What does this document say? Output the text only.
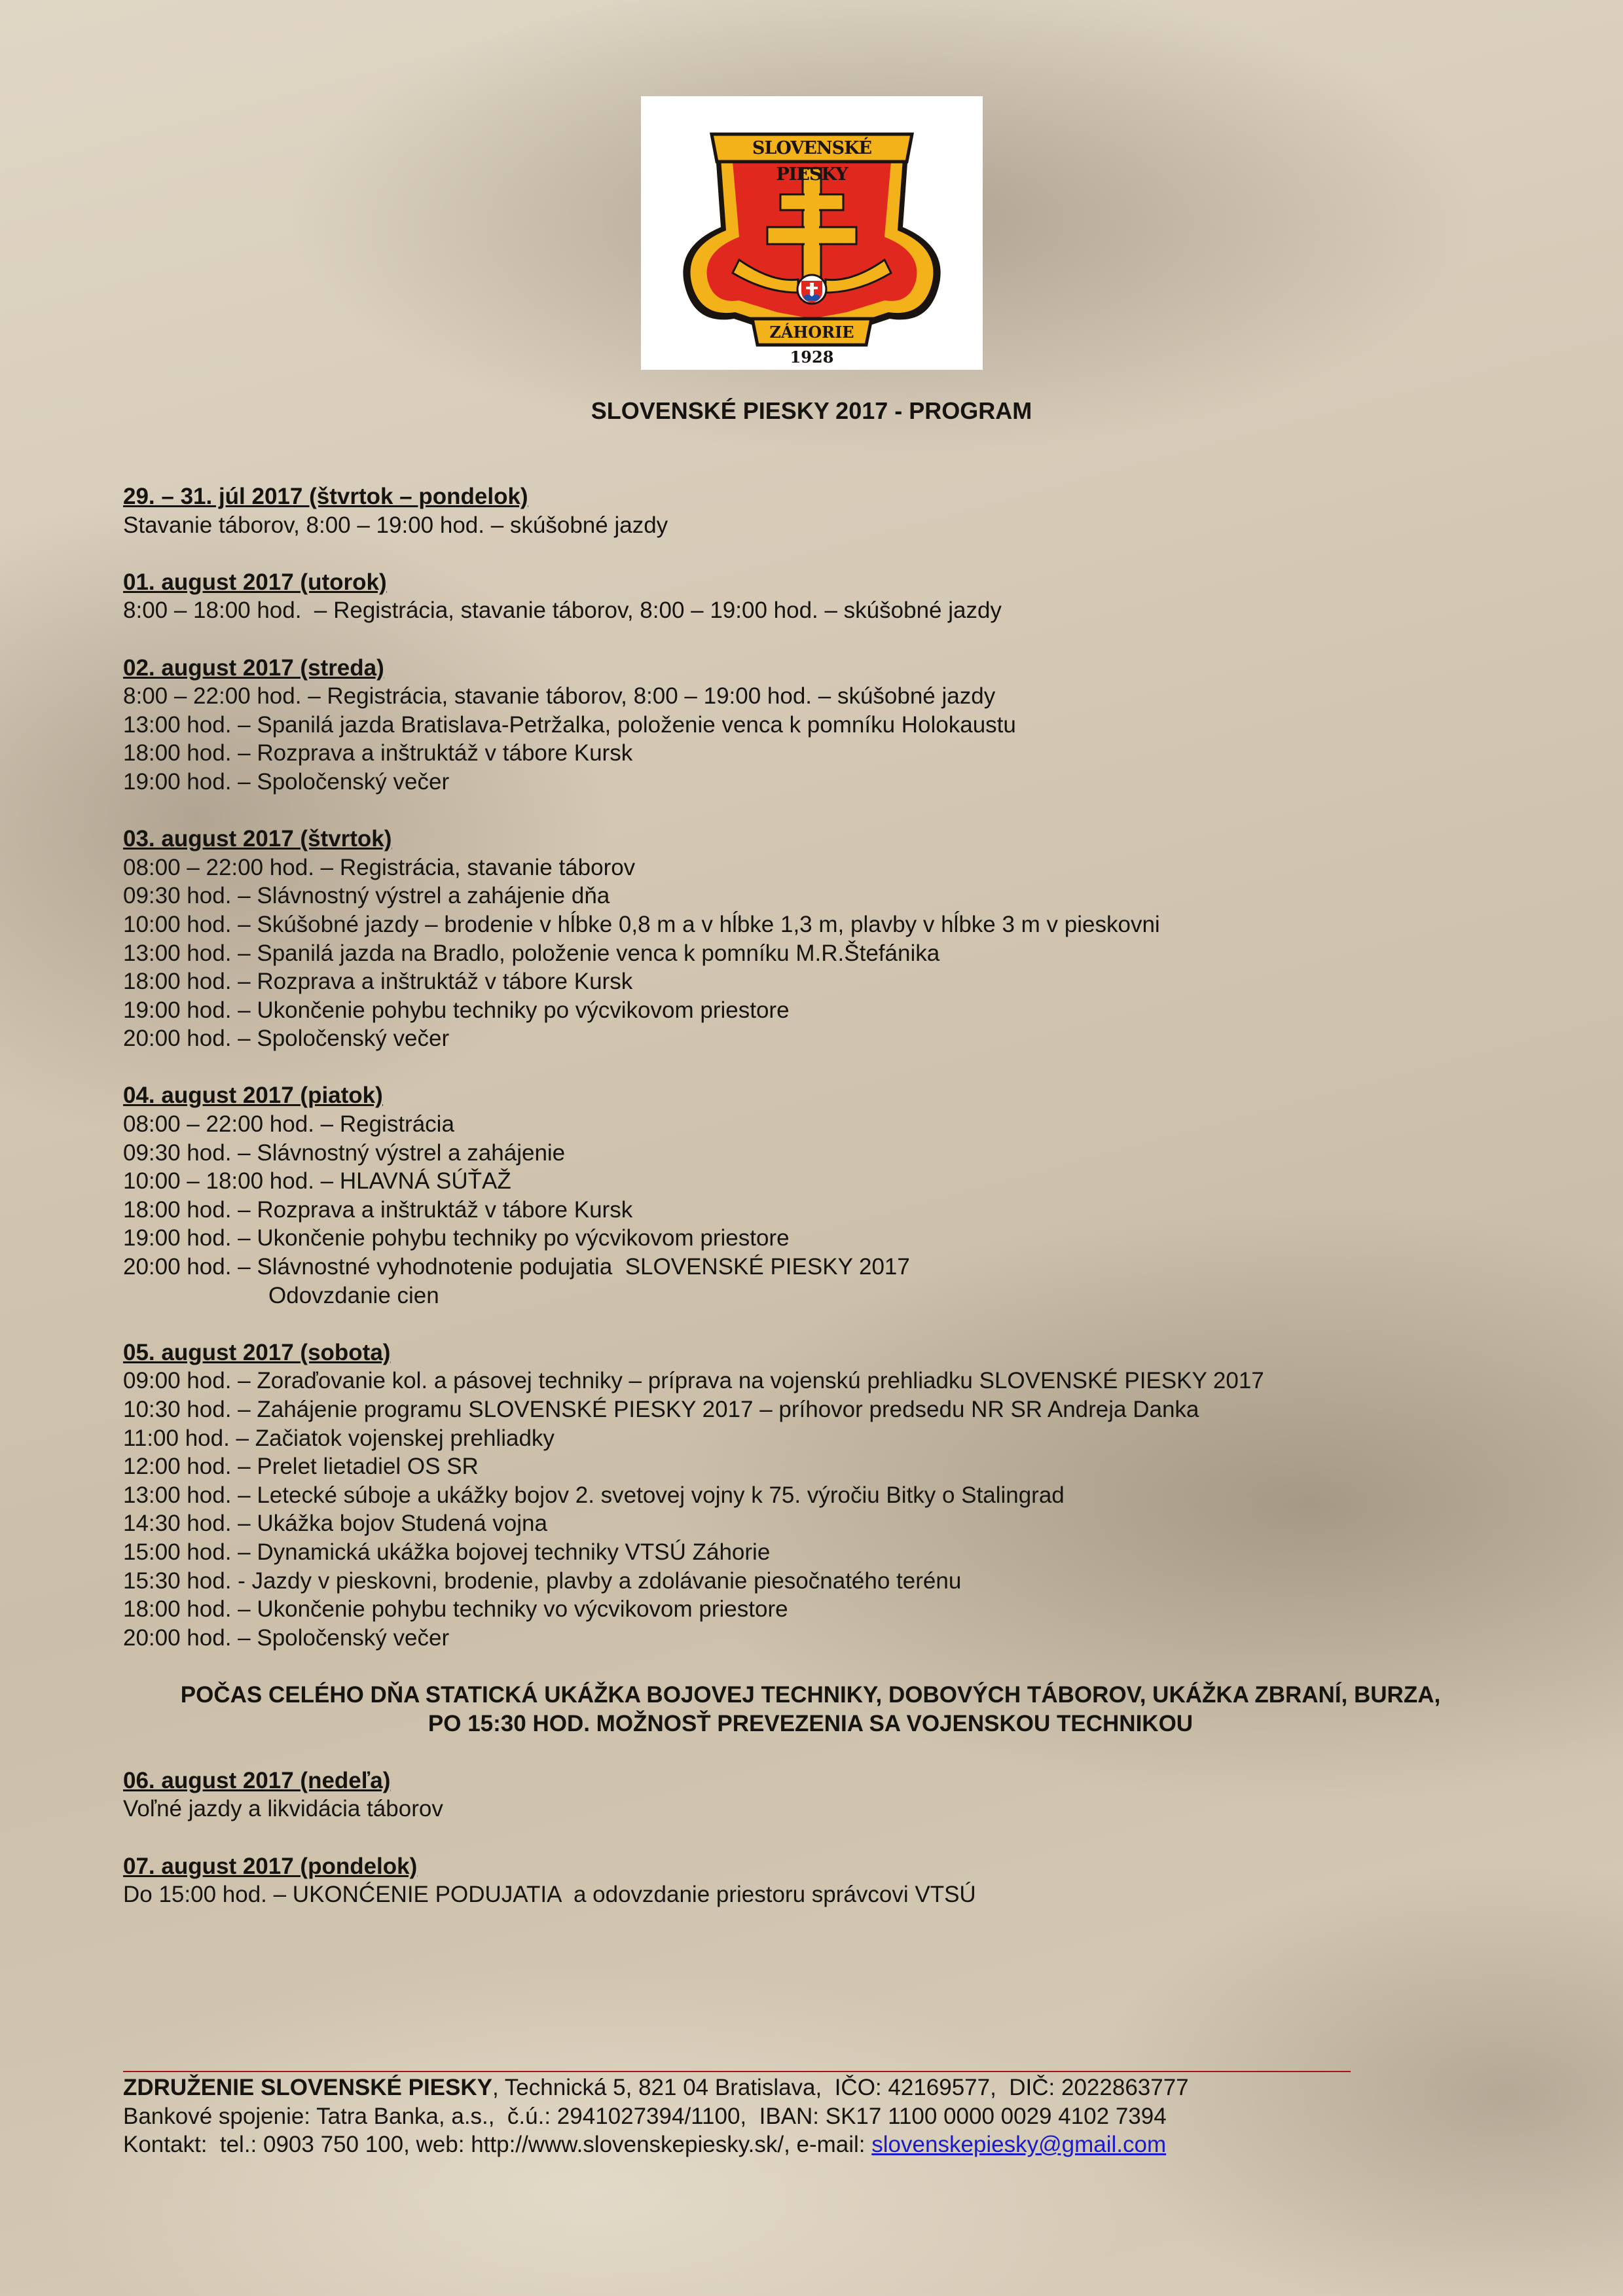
SLOVENSKÉ PIESKY
ZÁHORIE 1928
SLOVENSKÉ PIESKY 2017 - PROGRAM
29. – 31. júl 2017 (štvrtok – pondelok)
Stavanie táborov, 8:00 – 19:00 hod. – skúšobné jazdy
01. august 2017 (utorok)
8:00 – 18:00 hod.  – Registrácia, stavanie táborov, 8:00 – 19:00 hod. – skúšobné jazdy
02. august 2017 (streda)
8:00 – 22:00 hod. – Registrácia, stavanie táborov, 8:00 – 19:00 hod. – skúšobné jazdy
13:00 hod. – Spanilá jazda Bratislava-Petržalka, položenie venca k pomníku Holokaustu
18:00 hod. – Rozprava a inštruktáž v tábore Kursk
19:00 hod. – Spoločenský večer
03. august 2017 (štvrtok)
08:00 – 22:00 hod. – Registrácia, stavanie táborov
09:30 hod. – Slávnostný výstrel a zahájenie dňa
10:00 hod. – Skúšobné jazdy – brodenie v hĺbke 0,8 m a v hĺbke 1,3 m, plavby v hĺbke 3 m v pieskovni
13:00 hod. – Spanilá jazda na Bradlo, položenie venca k pomníku M.R.Štefánika
18:00 hod. – Rozprava a inštruktáž v tábore Kursk
19:00 hod. – Ukončenie pohybu techniky po výcvikovom priestore
20:00 hod. – Spoločenský večer
04. august 2017 (piatok)
08:00 – 22:00 hod. – Registrácia
09:30 hod. – Slávnostný výstrel a zahájenie
10:00 – 18:00 hod. – HLAVNÁ SÚŤAŽ
18:00 hod. – Rozprava a inštruktáž v tábore Kursk
19:00 hod. – Ukončenie pohybu techniky po výcvikovom priestore
20:00 hod. – Slávnostné vyhodnotenie podujatia  SLOVENSKÉ PIESKY 2017
Odovzdanie cien
05. august 2017 (sobota)
09:00 hod. – Zoraďovanie kol. a pásovej techniky – príprava na vojenskú prehliadku SLOVENSKÉ PIESKY 2017
10:30 hod. – Zahájenie programu SLOVENSKÉ PIESKY 2017 – príhovor predsedu NR SR Andreja Danka
11:00 hod. – Začiatok vojenskej prehliadky
12:00 hod. – Prelet lietadiel OS SR
13:00 hod. – Letecké súboje a ukážky bojov 2. svetovej vojny k 75. výročiu Bitky o Stalingrad
14:30 hod. – Ukážka bojov Studená vojna
15:00 hod. – Dynamická ukážka bojovej techniky VTSÚ Záhorie
15:30 hod. - Jazdy v pieskovni, brodenie, plavby a zdolávanie piesočnatého terénu
18:00 hod. – Ukončenie pohybu techniky vo výcvikovom priestore
20:00 hod. – Spoločenský večer
POČAS CELÉHO DŇA STATICKÁ UKÁŽKA BOJOVEJ TECHNIKY, DOBOVÝCH TÁBOROV, UKÁŽKA ZBRANÍ, BURZA,
PO 15:30 HOD. MOŽNOSŤ PREVEZENIA SA VOJENSKOU TECHNIKOU
06. august 2017 (nedeľa)
Voľné jazdy a likvidácia táborov
07. august 2017 (pondelok)
Do 15:00 hod. – UKONĆENIE PODUJATIA  a odovzdanie priestoru správcovi VTSÚ
ZDRUŽENIE SLOVENSKÉ PIESKY, Technická 5, 821 04 Bratislava,  IČO: 42169577,  DIČ: 2022863777
Bankové spojenie: Tatra Banka, a.s.,  č.ú.: 2941027394/1100,  IBAN: SK17 1100 0000 0029 4102 7394
Kontakt:  tel.: 0903 750 100, web: http://www.slovenskepiesky.sk/, e-mail: slovenskepiesky@gmail.com
